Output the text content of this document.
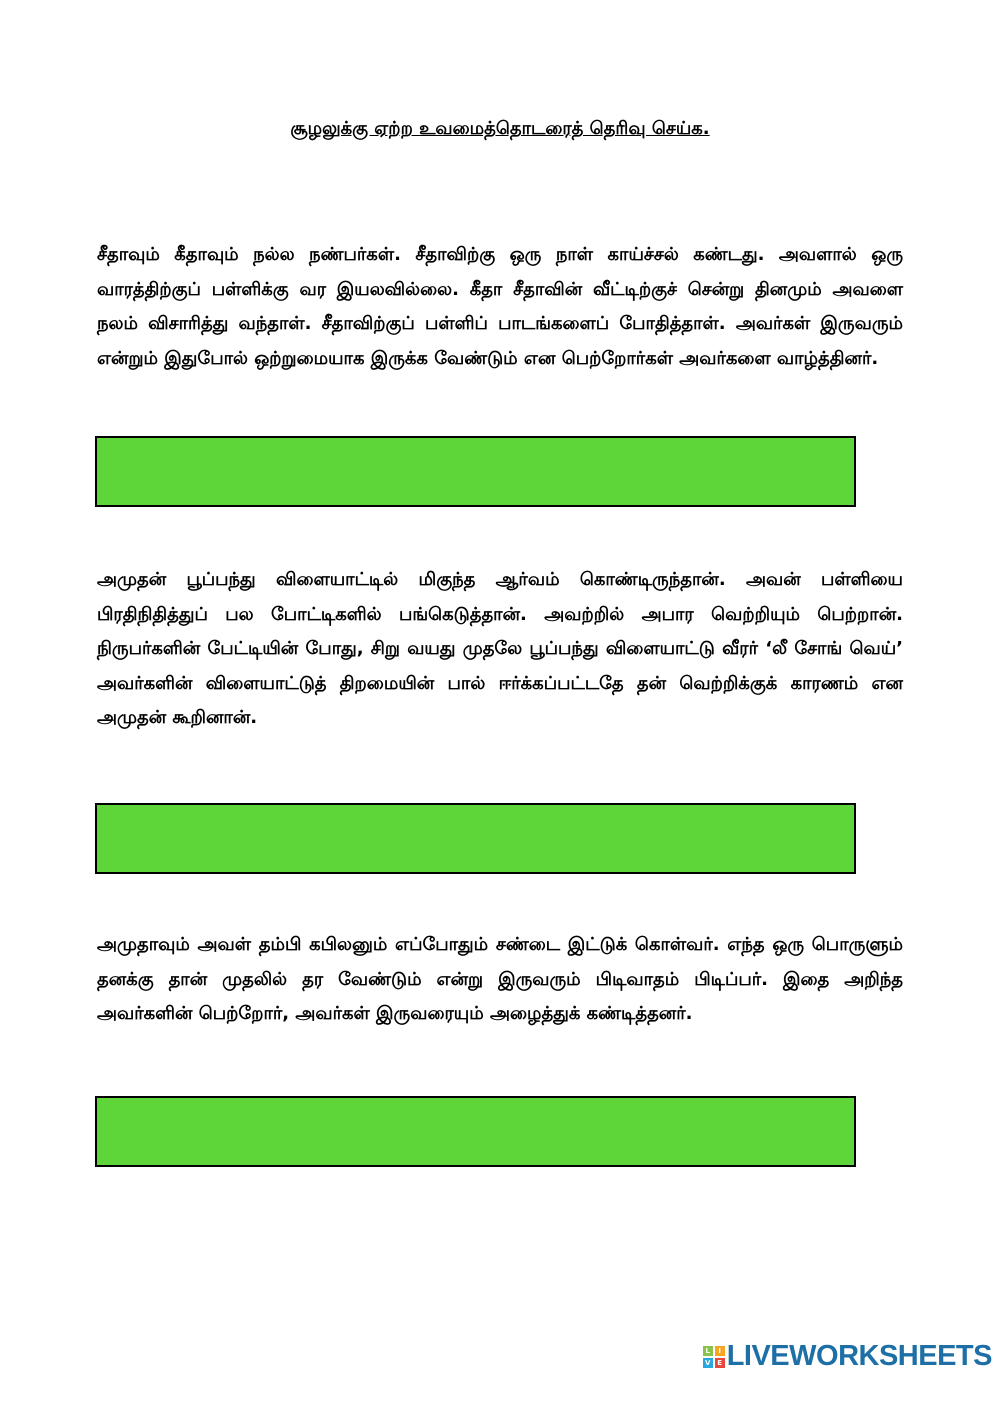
சூழலுக்கு ஏற்ற உவமைத்தொடரைத் தெரிவு செய்க.

சீதாவும் கீதாவும் நல்ல நண்பர்கள். சீதாவிற்கு ஒரு நாள் காய்ச்சல் கண்டது. அவளால் ஒரு வாரத்திற்குப் பள்ளிக்கு வர இயலவில்லை. கீதா சீதாவின் வீட்டிற்குச் சென்று தினமும் அவளை நலம் விசாரித்து வந்தாள். சீதாவிற்குப் பள்ளிப் பாடங்களைப் போதித்தாள். அவர்கள் இருவரும் என்றும் இதுபோல் ஒற்றுமையாக இருக்க வேண்டும் என பெற்றோர்கள் அவர்களை வாழ்த்தினர்.

அமுதன் பூப்பந்து விளையாட்டில் மிகுந்த ஆர்வம் கொண்டிருந்தான். அவன் பள்ளியை பிரதிநிதித்துப் பல போட்டிகளில் பங்கெடுத்தான். அவற்றில் அபார வெற்றியும் பெற்றான். நிருபர்களின் பேட்டியின் போது, சிறு வயது முதலே பூப்பந்து விளையாட்டு வீரர் ‘லீ சோங் வெய்’ அவர்களின் விளையாட்டுத் திறமையின் பால் ஈர்க்கப்பட்டதே தன் வெற்றிக்குக் காரணம் என அமுதன் கூறினான்.

அமுதாவும் அவள் தம்பி கபிலனும் எப்போதும் சண்டை இட்டுக் கொள்வர். எந்த ஒரு பொருளும் தனக்கு தான் முதலில் தர வேண்டும் என்று இருவரும் பிடிவாதம் பிடிப்பர். இதை அறிந்த அவர்களின் பெற்றோர், அவர்கள் இருவரையும் அழைத்துக் கண்டித்தனர்.

L	I
V E LIVEWORKSHEETS
